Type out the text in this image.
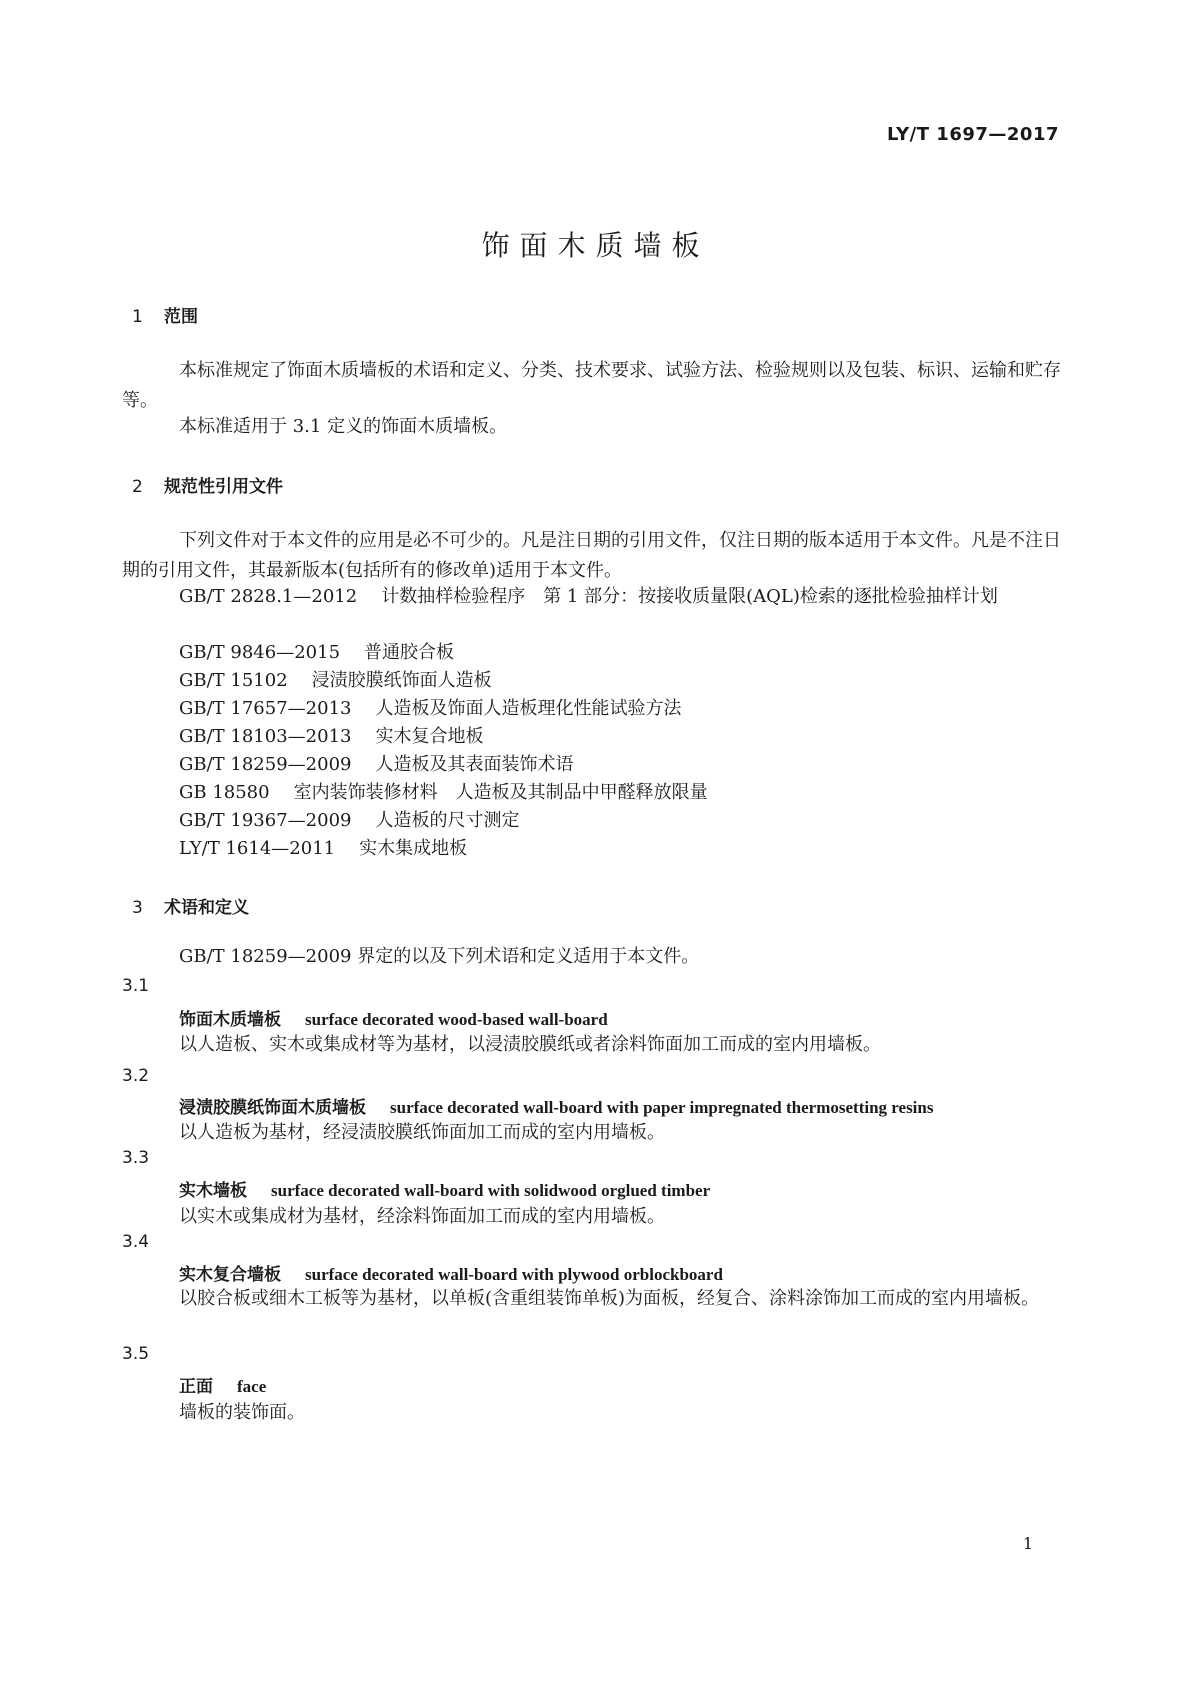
LY/T 1697—2017
饰面木质墙板
1 范围
本标准规定了饰面木质墙板的术语和定义、分类、技术要求、试验方法、检验规则以及包装、标识、运输和贮存等。
本标准适用于 3.1 定义的饰面木质墙板。
2 规范性引用文件
下列文件对于本文件的应用是必不可少的。凡是注日期的引用文件，仅注日期的版本适用于本文件。凡是不注日期的引用文件，其最新版本(包括所有的修改单)适用于本文件。
GB/T 2828.1—2012 计数抽样检验程序　第 1 部分：按接收质量限(AQL)检索的逐批检验抽样计划
GB/T 9846—2015 普通胶合板
GB/T 15102 浸渍胶膜纸饰面人造板
GB/T 17657—2013 人造板及饰面人造板理化性能试验方法
GB/T 18103—2013 实木复合地板
GB/T 18259—2009 人造板及其表面装饰术语
GB 18580 室内装饰装修材料　人造板及其制品中甲醛释放限量
GB/T 19367—2009 人造板的尺寸测定
LY/T 1614—2011 实木集成地板
3 术语和定义
GB/T 18259—2009 界定的以及下列术语和定义适用于本文件。
3.1
饰面木质墙板 surface decorated wood-based wall-board
以人造板、实木或集成材等为基材，以浸渍胶膜纸或者涂料饰面加工而成的室内用墙板。
3.2
浸渍胶膜纸饰面木质墙板 surface decorated wall-board with paper impregnated thermosetting resins
以人造板为基材，经浸渍胶膜纸饰面加工而成的室内用墙板。
3.3
实木墙板 surface decorated wall-board with solidwood orglued timber
以实木或集成材为基材，经涂料饰面加工而成的室内用墙板。
3.4
实木复合墙板 surface decorated wall-board with plywood orblockboard
以胶合板或细木工板等为基材，以单板(含重组装饰单板)为面板，经复合、涂料涂饰加工而成的室内用墙板。
3.5
正面 face
墙板的装饰面。
1
